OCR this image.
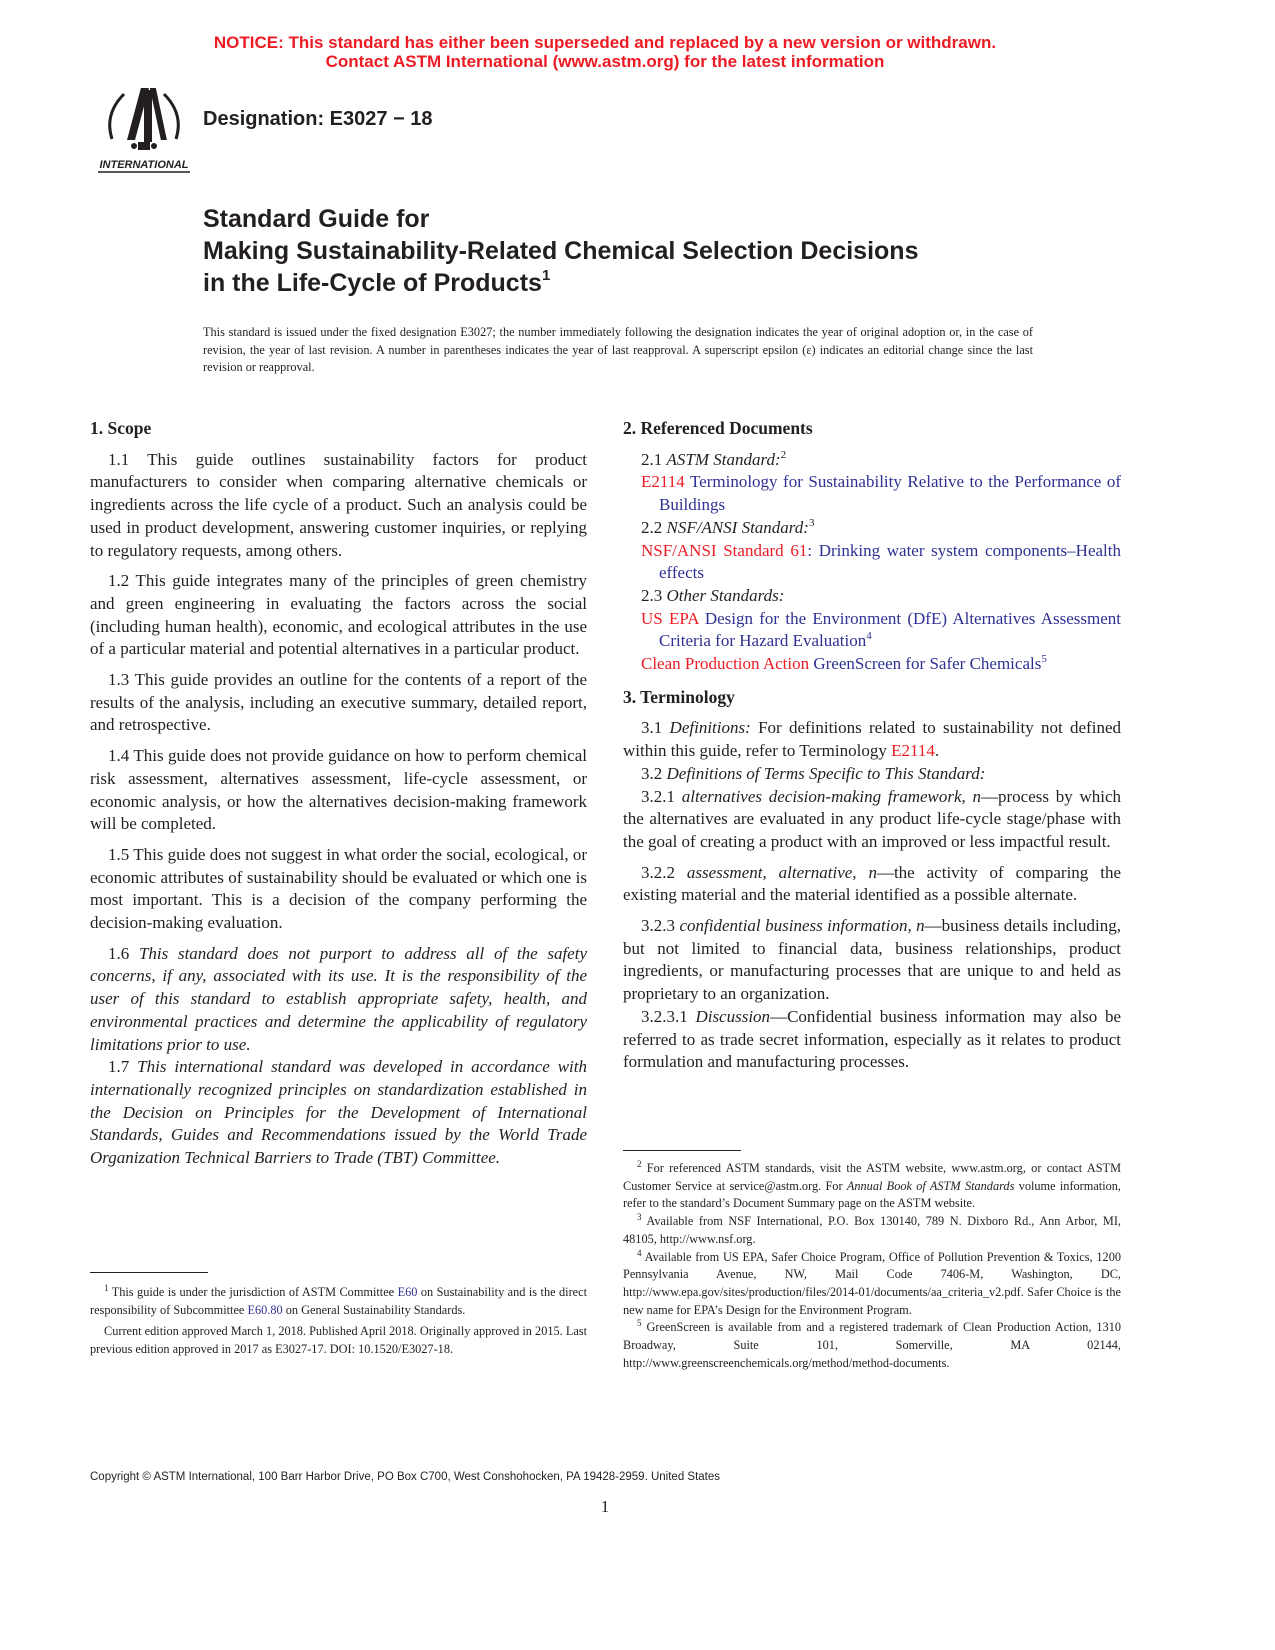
NOTICE: This standard has either been superseded and replaced by a new version or withdrawn.
Contact ASTM International (www.astm.org) for the latest information
INTERNATIONAL
Designation: E3027 − 18
Standard Guide for
Making Sustainability-Related Chemical Selection Decisions
in the Life-Cycle of Products$^1$
This standard is issued under the fixed designation E3027; the number immediately following the designation indicates the year of original adoption or, in the case of revision, the year of last revision. A number in parentheses indicates the year of last reapproval. A superscript epsilon (ε) indicates an editorial change since the last revision or reapproval.
1. Scope

1.1 This guide outlines sustainability factors for product manufacturers to consider when comparing alternative chemicals or ingredients across the life cycle of a product. Such an analysis could be used in product development, answering customer inquiries, or replying to regulatory requests, among others.

1.2 This guide integrates many of the principles of green chemistry and green engineering in evaluating the factors across the social (including human health), economic, and ecological attributes in the use of a particular material and potential alternatives in a particular product.

1.3 This guide provides an outline for the contents of a report of the results of the analysis, including an executive summary, detailed report, and retrospective.

1.4 This guide does not provide guidance on how to perform chemical risk assessment, alternatives assessment, life-cycle assessment, or economic analysis, or how the alternatives decision-making framework will be completed.

1.5 This guide does not suggest in what order the social, ecological, or economic attributes of sustainability should be evaluated or which one is most important. This is a decision of the company performing the decision-making evaluation.

1.6 This standard does not purport to address all of the safety concerns, if any, associated with its use. It is the responsibility of the user of this standard to establish appropriate safety, health, and environmental practices and determine the applicability of regulatory limitations prior to use.

1.7 This international standard was developed in accordance with internationally recognized principles on standardization established in the Decision on Principles for the Development of International Standards, Guides and Recommendations issued by the World Trade Organization Technical Barriers to Trade (TBT) Committee.

$^1$ This guide is under the jurisdiction of ASTM Committee E60 on Sustainability and is the direct responsibility of Subcommittee E60.80 on General Sustainability Standards.

Current edition approved March 1, 2018. Published April 2018. Originally approved in 2015. Last previous edition approved in 2017 as E3027-17. DOI: 10.1520/E3027-18.

2. Referenced Documents
2.1 ASTM Standard:$^2$

E2114 Terminology for Sustainability Relative to the Performance of Buildings

2.2 NSF/ANSI Standard:$^3$

NSF/ANSI Standard 61: Drinking water system components–Health effects

2.3 Other Standards:

US EPA Design for the Environment (DfE) Alternatives Assessment Criteria for Hazard Evaluation$^4$

Clean Production Action GreenScreen for Safer Chemicals$^5$

3. Terminology

3.1 Definitions: For definitions related to sustainability not defined within this guide, refer to Terminology E2114.

3.2 Definitions of Terms Specific to This Standard:

3.2.1 alternatives decision-making framework, n—process by which the alternatives are evaluated in any product life-cycle stage/phase with the goal of creating a product with an improved or less impactful result.

3.2.2 assessment, alternative, n—the activity of comparing the existing material and the material identified as a possible alternate.

3.2.3 confidential business information, n—business details including, but not limited to financial data, business relationships, product ingredients, or manufacturing processes that are unique to and held as proprietary to an organization.

3.2.3.1 Discussion—Confidential business information may also be referred to as trade secret information, especially as it relates to product formulation and manufacturing processes.

$^2$ For referenced ASTM standards, visit the ASTM website, www.astm.org, or contact ASTM Customer Service at service@astm.org. For Annual Book of ASTM Standards volume information, refer to the standard’s Document Summary page on the ASTM website.

$^3$ Available from NSF International, P.O. Box 130140, 789 N. Dixboro Rd., Ann Arbor, MI, 48105, http://www.nsf.org.

$^4$ Available from US EPA, Safer Choice Program, Office of Pollution Prevention & Toxics, 1200 Pennsylvania Avenue, NW, Mail Code 7406-M, Washington, DC, http://www.epa.gov/sites/production/files/2014-01/documents/aa_criteria_v2.pdf. Safer Choice is the new name for EPA’s Design for the Environment Program.

$^5$ GreenScreen is available from and a registered trademark of Clean Production Action, 1310 Broadway, Suite 101, Somerville, MA 02144, http://www.greenscreenchemicals.org/method/method-documents.

Copyright © ASTM International, 100 Barr Harbor Drive, PO Box C700, West Conshohocken, PA 19428-2959. United States
1
